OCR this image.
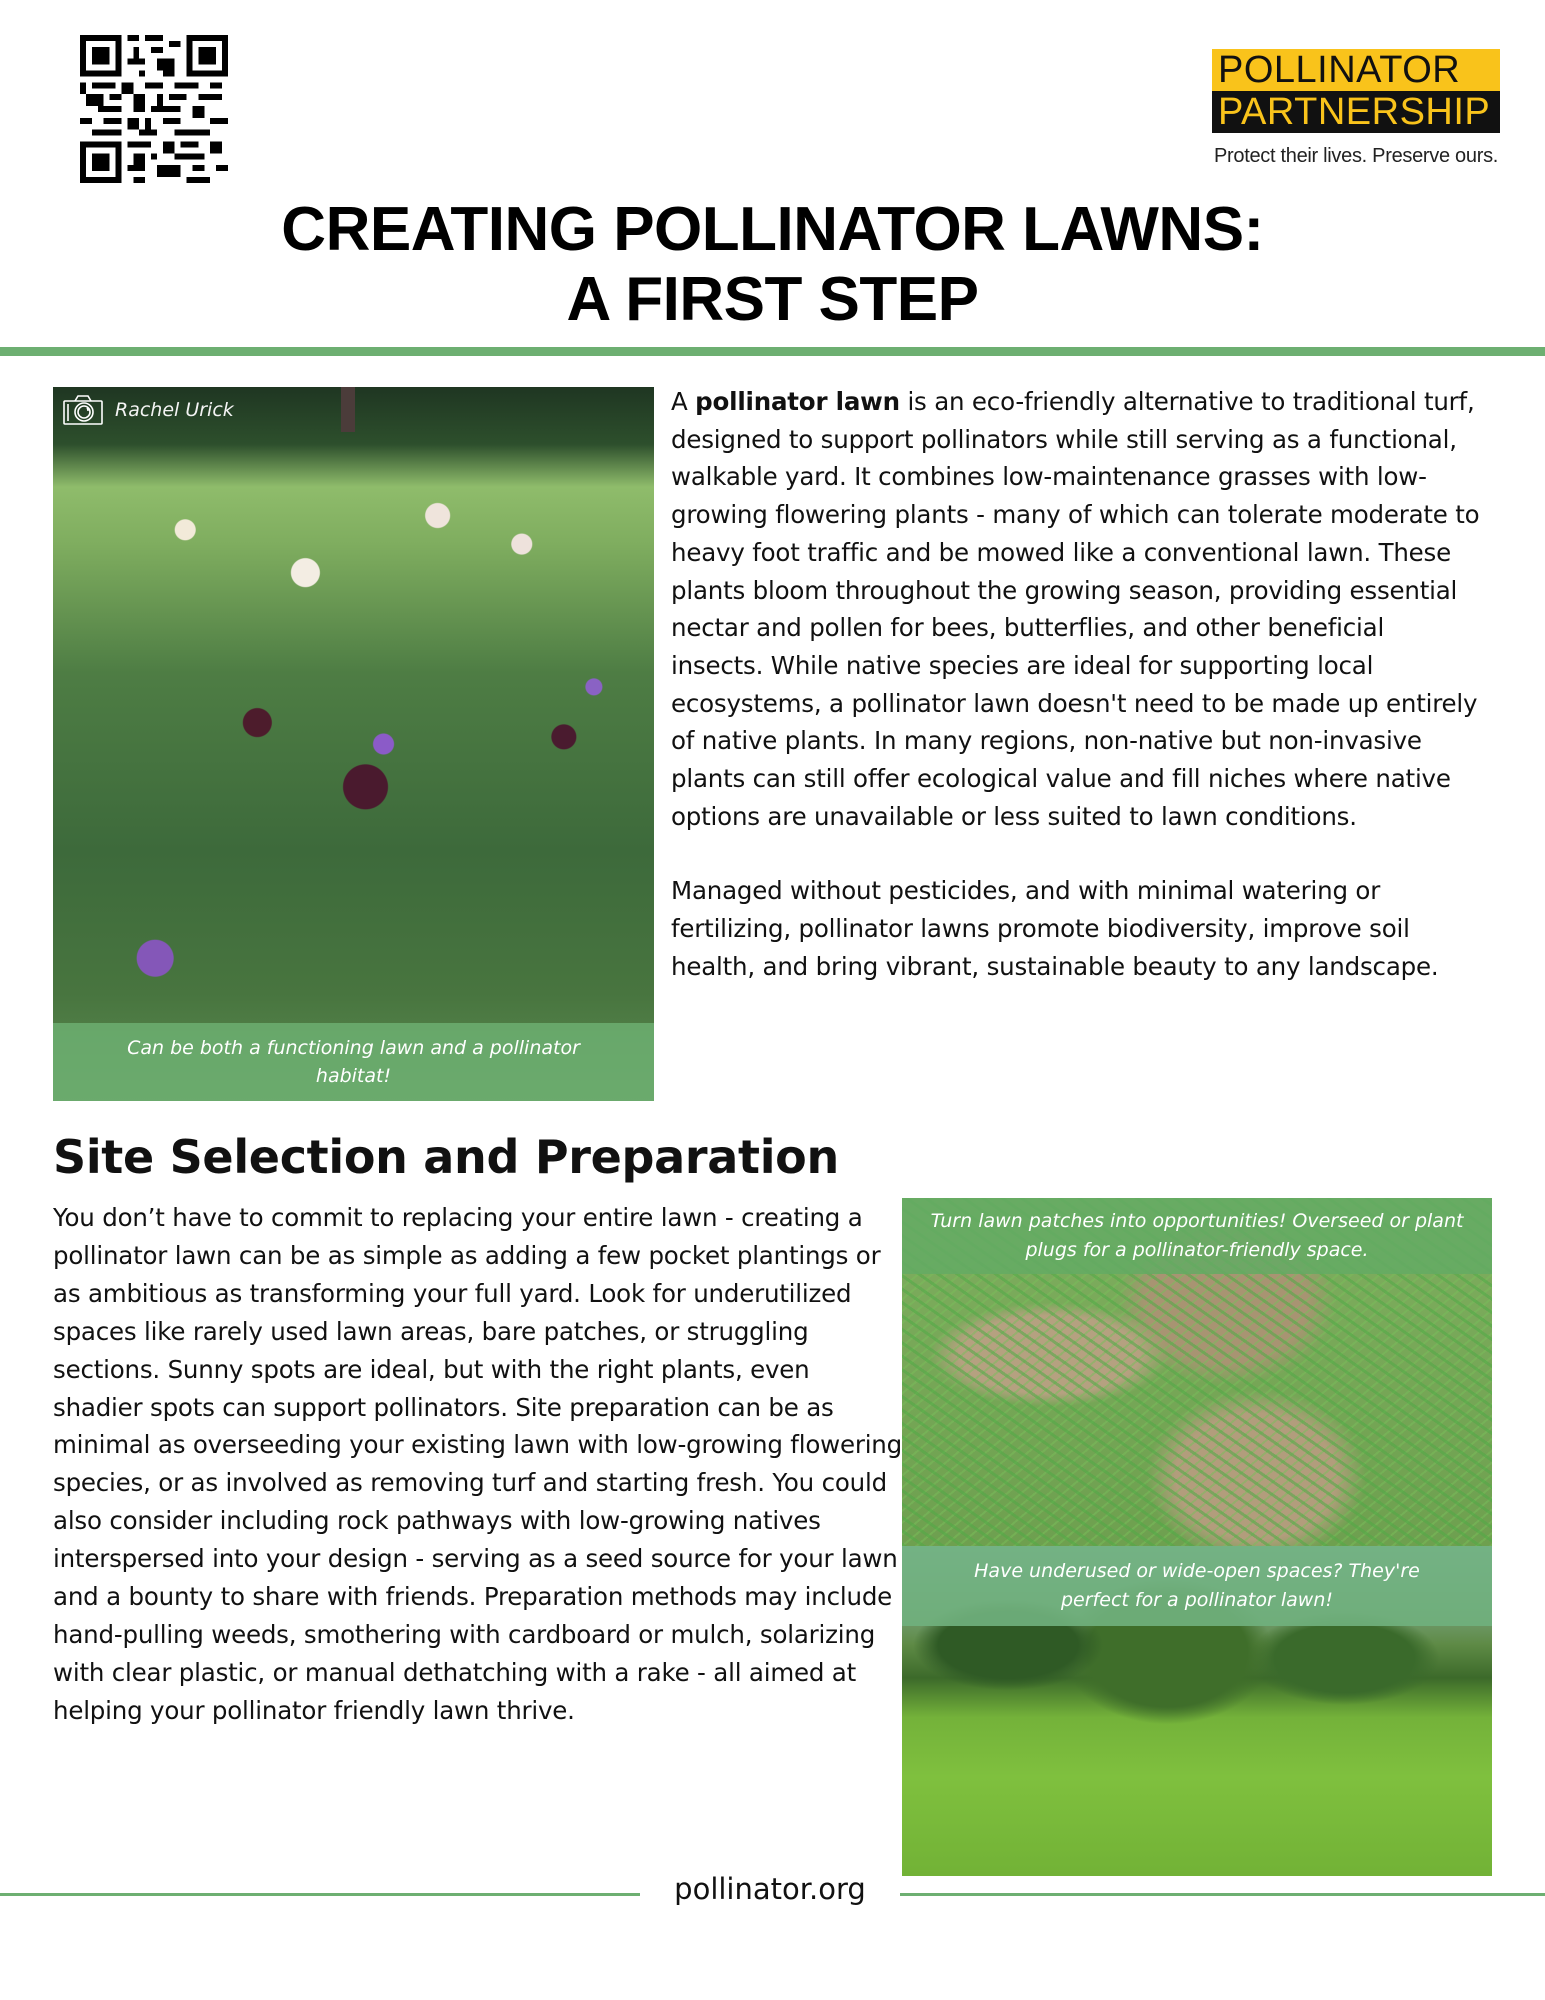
POLLINATOR
PARTNERSHIP
Protect their lives. Preserve ours.
CREATING POLLINATOR LAWNS:
A FIRST STEP
Rachel Urick
Can be both a functioning lawn and a pollinator habitat!

A pollinator lawn is an eco-friendly alternative to traditional turf, designed to support pollinators while still serving as a functional, walkable yard. It combines low-maintenance grasses with low-growing flowering plants - many of which can tolerate moderate to heavy foot traffic and be mowed like a conventional lawn. These plants bloom throughout the growing season, providing essential nectar and pollen for bees, butterflies, and other beneficial insects. While native species are ideal for supporting local ecosystems, a pollinator lawn doesn't need to be made up entirely of native plants. In many regions, non-native but non-invasive plants can still offer ecological value and fill niches where native options are unavailable or less suited to lawn conditions.

Managed without pesticides, and with minimal watering or fertilizing, pollinator lawns promote biodiversity, improve soil health, and bring vibrant, sustainable beauty to any landscape.

Site Selection and Preparation

You don’t have to commit to replacing your entire lawn - creating a pollinator lawn can be as simple as adding a few pocket plantings or as ambitious as transforming your full yard. Look for underutilized spaces like rarely used lawn areas, bare patches, or struggling sections. Sunny spots are ideal, but with the right plants, even shadier spots can support pollinators. Site preparation can be as minimal as overseeding your existing lawn with low-growing flowering species, or as involved as removing turf and starting fresh. You could also consider including rock pathways with low-growing natives interspersed into your design - serving as a seed source for your lawn and a bounty to share with friends. Preparation methods may include hand-pulling weeds, smothering with cardboard or mulch, solarizing with clear plastic, or manual dethatching with a rake - all aimed at helping your pollinator friendly lawn thrive.

Turn lawn patches into opportunities! Overseed or plant plugs for a pollinator-friendly space.
Have underused or wide-open spaces? They're perfect for a pollinator lawn!
pollinator.org
